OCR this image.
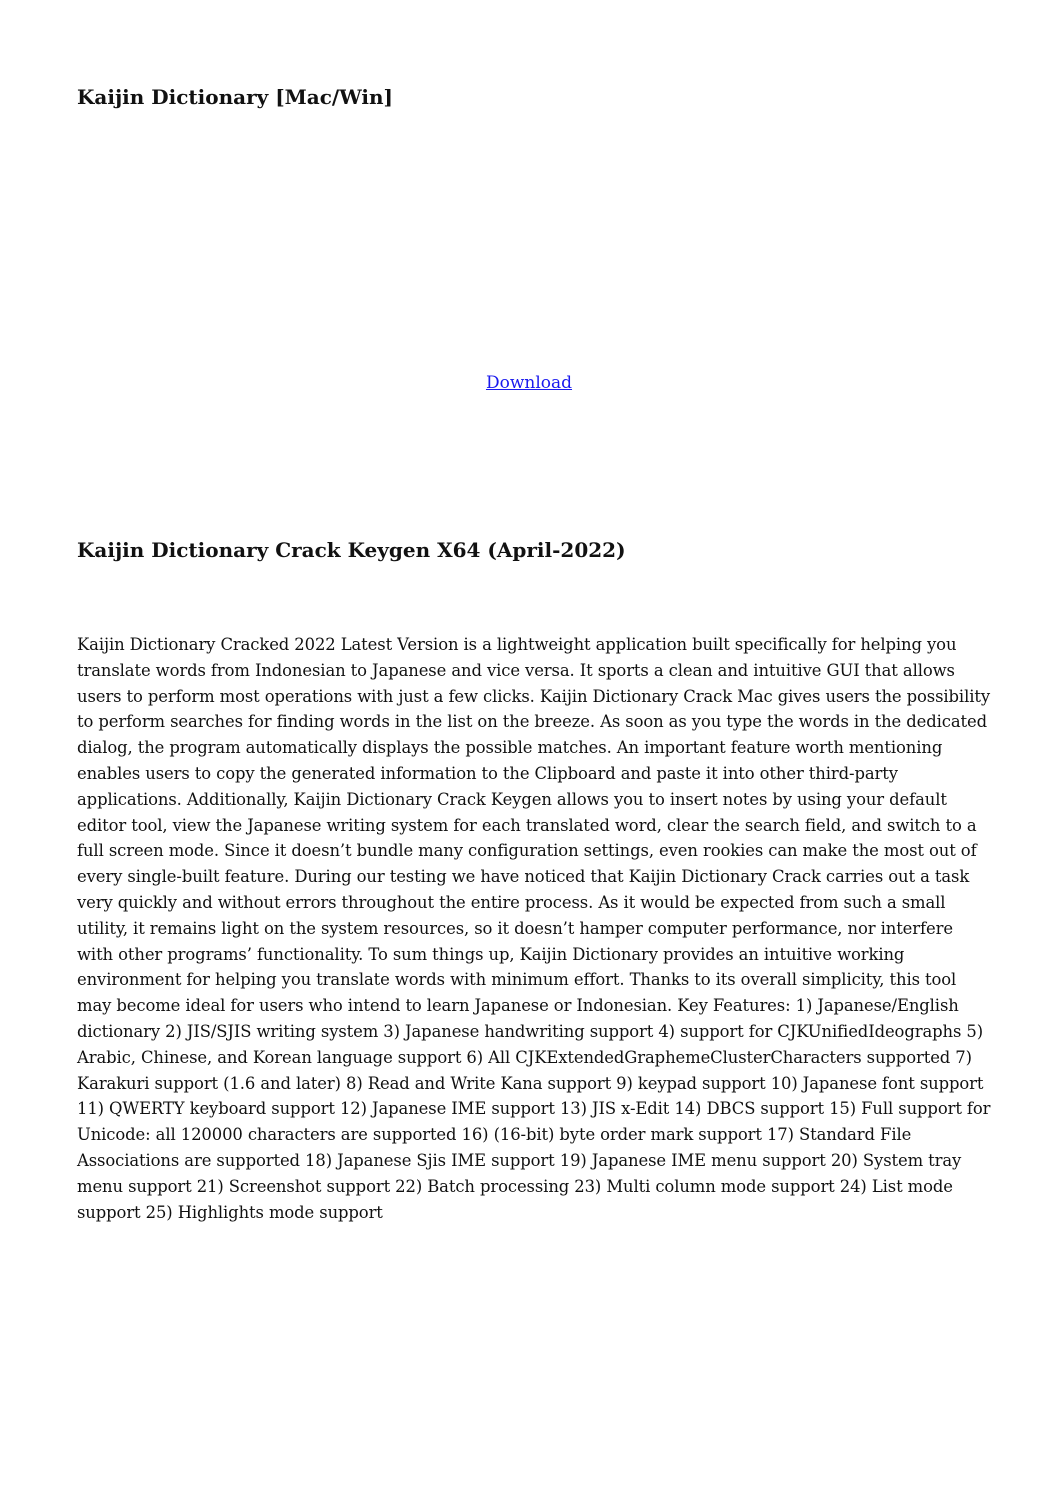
Kaijin Dictionary [Mac/Win]
Download
Kaijin Dictionary Crack Keygen X64 (April-2022)

Kaijin Dictionary Cracked 2022 Latest Version is a lightweight application built specifically for helping you translate words from Indonesian to Japanese and vice versa. It sports a clean and intuitive GUI that allows users to perform most operations with just a few clicks. Kaijin Dictionary Crack Mac gives users the possibility to perform searches for finding words in the list on the breeze. As soon as you type the words in the dedicated dialog, the program automatically displays the possible matches. An important feature worth mentioning enables users to copy the generated information to the Clipboard and paste it into other third-party applications. Additionally, Kaijin Dictionary Crack Keygen allows you to insert notes by using your default editor tool, view the Japanese writing system for each translated word, clear the search field, and switch to a full screen mode. Since it doesn’t bundle many configuration settings, even rookies can make the most out of every single-built feature. During our testing we have noticed that Kaijin Dictionary Crack carries out a task very quickly and without errors throughout the entire process. As it would be expected from such a small utility, it remains light on the system resources, so it doesn’t hamper computer performance, nor interfere with other programs’ functionality. To sum things up, Kaijin Dictionary provides an intuitive working environment for helping you translate words with minimum effort. Thanks to its overall simplicity, this tool may become ideal for users who intend to learn Japanese or Indonesian. Key Features: 1) Japanese/English dictionary 2) JIS/SJIS writing system 3) Japanese handwriting support 4) support for CJKUnifiedIdeographs 5) Arabic, Chinese, and Korean language support 6) All CJKExtendedGraphemeClusterCharacters supported 7) Karakuri support (1.6 and later) 8) Read and Write Kana support 9) keypad support 10) Japanese font support 11) QWERTY keyboard support 12) Japanese IME support 13) JIS x-Edit 14) DBCS support 15) Full support for Unicode: all 120000 characters are supported 16) (16-bit) byte order mark support 17) Standard File Associations are supported 18) Japanese Sjis IME support 19) Japanese IME menu support 20) System tray menu support 21) Screenshot support 22) Batch processing 23) Multi column mode support 24) List mode support 25) Highlights mode support
